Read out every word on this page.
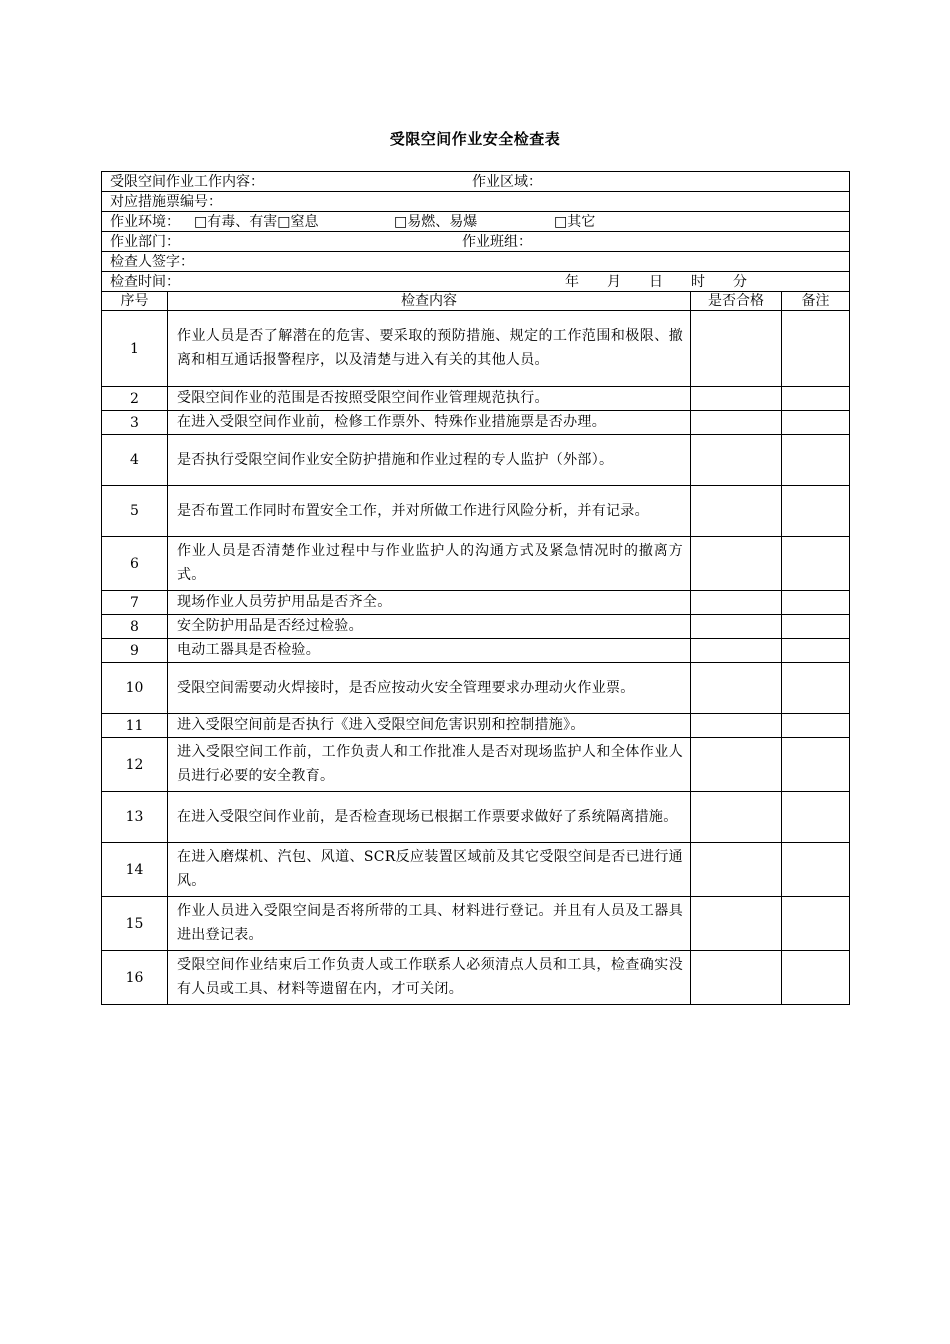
受限空间作业安全检查表
受限空间作业工作内容： 作业区域：			
对应措施票编号：			
作业环境： □有毒、有害□窒息 □易燃、易爆 □其它			
作业部门： 作业班组：			
检查人签字：			
检查时间： 年 月 日 时 分			
序号	检查内容	是否合格	备注
1	作业人员是否了解潜在的危害、要采取的预防措施、规定的工作范围和极限、撤离和相互通话报警程序，以及清楚与进入有关的其他人员。		
2	受限空间作业的范围是否按照受限空间作业管理规范执行。		
3	在进入受限空间作业前，检修工作票外、特殊作业措施票是否办理。		
4	是否执行受限空间作业安全防护措施和作业过程的专人监护（外部）。		
5	是否布置工作同时布置安全工作，并对所做工作进行风险分析，并有记录。		
6	作业人员是否清楚作业过程中与作业监护人的沟通方式及紧急情况时的撤离方式。		
7	现场作业人员劳护用品是否齐全。		
8	安全防护用品是否经过检验。		
9	电动工器具是否检验。		
10	受限空间需要动火焊接时，是否应按动火安全管理要求办理动火作业票。		
11	进入受限空间前是否执行《进入受限空间危害识别和控制措施》。		
12	进入受限空间工作前，工作负责人和工作批准人是否对现场监护人和全体作业人员进行必要的安全教育。		
13	在进入受限空间作业前，是否检查现场已根据工作票要求做好了系统隔离措施。		
14	在进入磨煤机、汽包、风道、SCR反应装置区域前及其它受限空间是否已进行通风。		
15	作业人员进入受限空间是否将所带的工具、材料进行登记。并且有人员及工器具进出登记表。		
16	受限空间作业结束后工作负责人或工作联系人必须清点人员和工具，检查确实没有人员或工具、材料等遗留在内，才可关闭。		
